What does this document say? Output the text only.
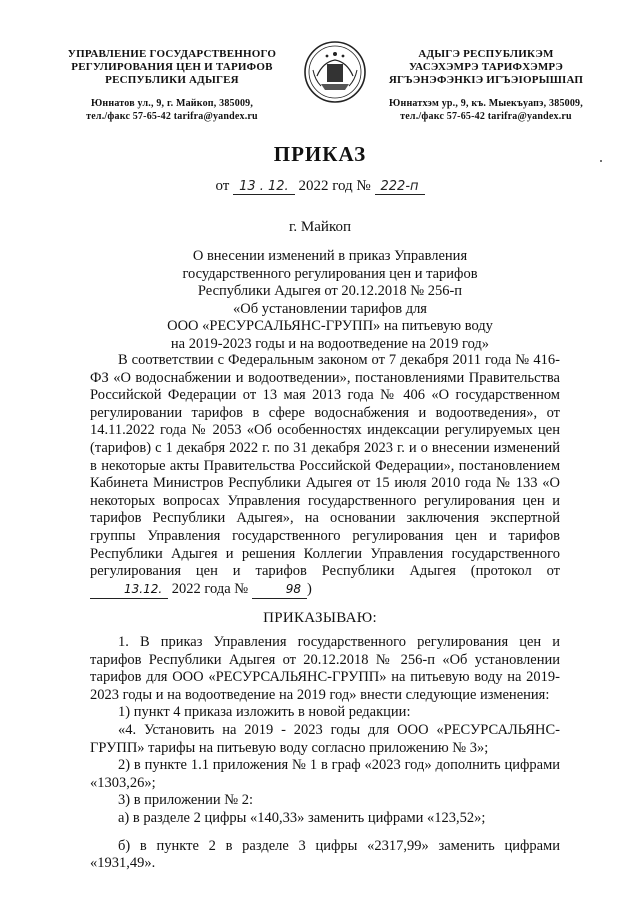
УПРАВЛЕНИЕ ГОСУДАРСТВЕННОГО
РЕГУЛИРОВАНИЯ ЦЕН И ТАРИФОВ
РЕСПУБЛИКИ АДЫГЕЯ
Юннатов ул., 9, г. Майкоп, 385009,
тел./факс 57-65-42 tarifra@yandex.ru
АДЫГЭ РЕСПУБЛИКЭМ
УАСЭХЭМРЭ ТАРИФХЭМРЭ
ЯГЪЭНЭФЭНКIЭ ИГЪЭIОРЫШIАП
Юннатхэм ур., 9, къ. Мыекъуапэ, 385009,
тел./факс 57-65-42 tarifra@yandex.ru
ПРИКАЗ
от 13 . 12. 2022 год № 222-п
г. Майкоп
О внесении изменений в приказ Управления
государственного регулирования цен и тарифов
Республики Адыгея от 20.12.2018 № 256-п
«Об установлении тарифов для
ООО «РЕСУРСАЛЬЯНС-ГРУПП» на питьевую воду
на 2019-2023 годы и на водоотведение на 2019 год»
В соответствии с Федеральным законом от 7 декабря 2011 года № 416-ФЗ «О водоснабжении и водоотведении», постановлениями Правительства Российской Федерации от 13 мая 2013 года № 406 «О государственном регулировании тарифов в сфере водоснабжения и водоотведения», от 14.11.2022 года № 2053 «Об особенностях индексации регулируемых цен (тарифов) с 1 декабря 2022 г. по 31 декабря 2023 г. и о внесении изменений в некоторые акты Правительства Российской Федерации», постановлением Кабинета Министров Республики Адыгея от 15 июля 2010 года № 133 «О некоторых вопросах Управления государственного регулирования цен и тарифов Республики Адыгея», на основании заключения экспертной группы Управления государственного регулирования цен и тарифов Республики Адыгея и решения Коллегии Управления государственного регулирования цен и тарифов Республики Адыгея (протокол от 13.12. 2022 года №	98 )
ПРИКАЗЫВАЮ:

1. В приказ Управления государственного регулирования цен и тарифов Республики Адыгея от 20.12.2018 № 256-п «Об установлении тарифов для ООО «РЕСУРСАЛЬЯНС-ГРУПП» на питьевую воду на 2019-2023 годы и на водоотведение на 2019 год» внести следующие изменения:

1) пункт 4 приказа изложить в новой редакции:

«4. Установить на 2019 - 2023 годы для ООО «РЕСУРСАЛЬЯНС-ГРУПП» тарифы на питьевую воду согласно приложению № 3»;

2) в пункте 1.1 приложения № 1 в граф «2023 год» дополнить цифрами «1303,26»;

3) в приложении № 2:

а) в разделе 2 цифры «140,33» заменить цифрами «123,52»;

б) в пункте 2 в разделе 3 цифры «2317,99» заменить цифрами «1931,49».
